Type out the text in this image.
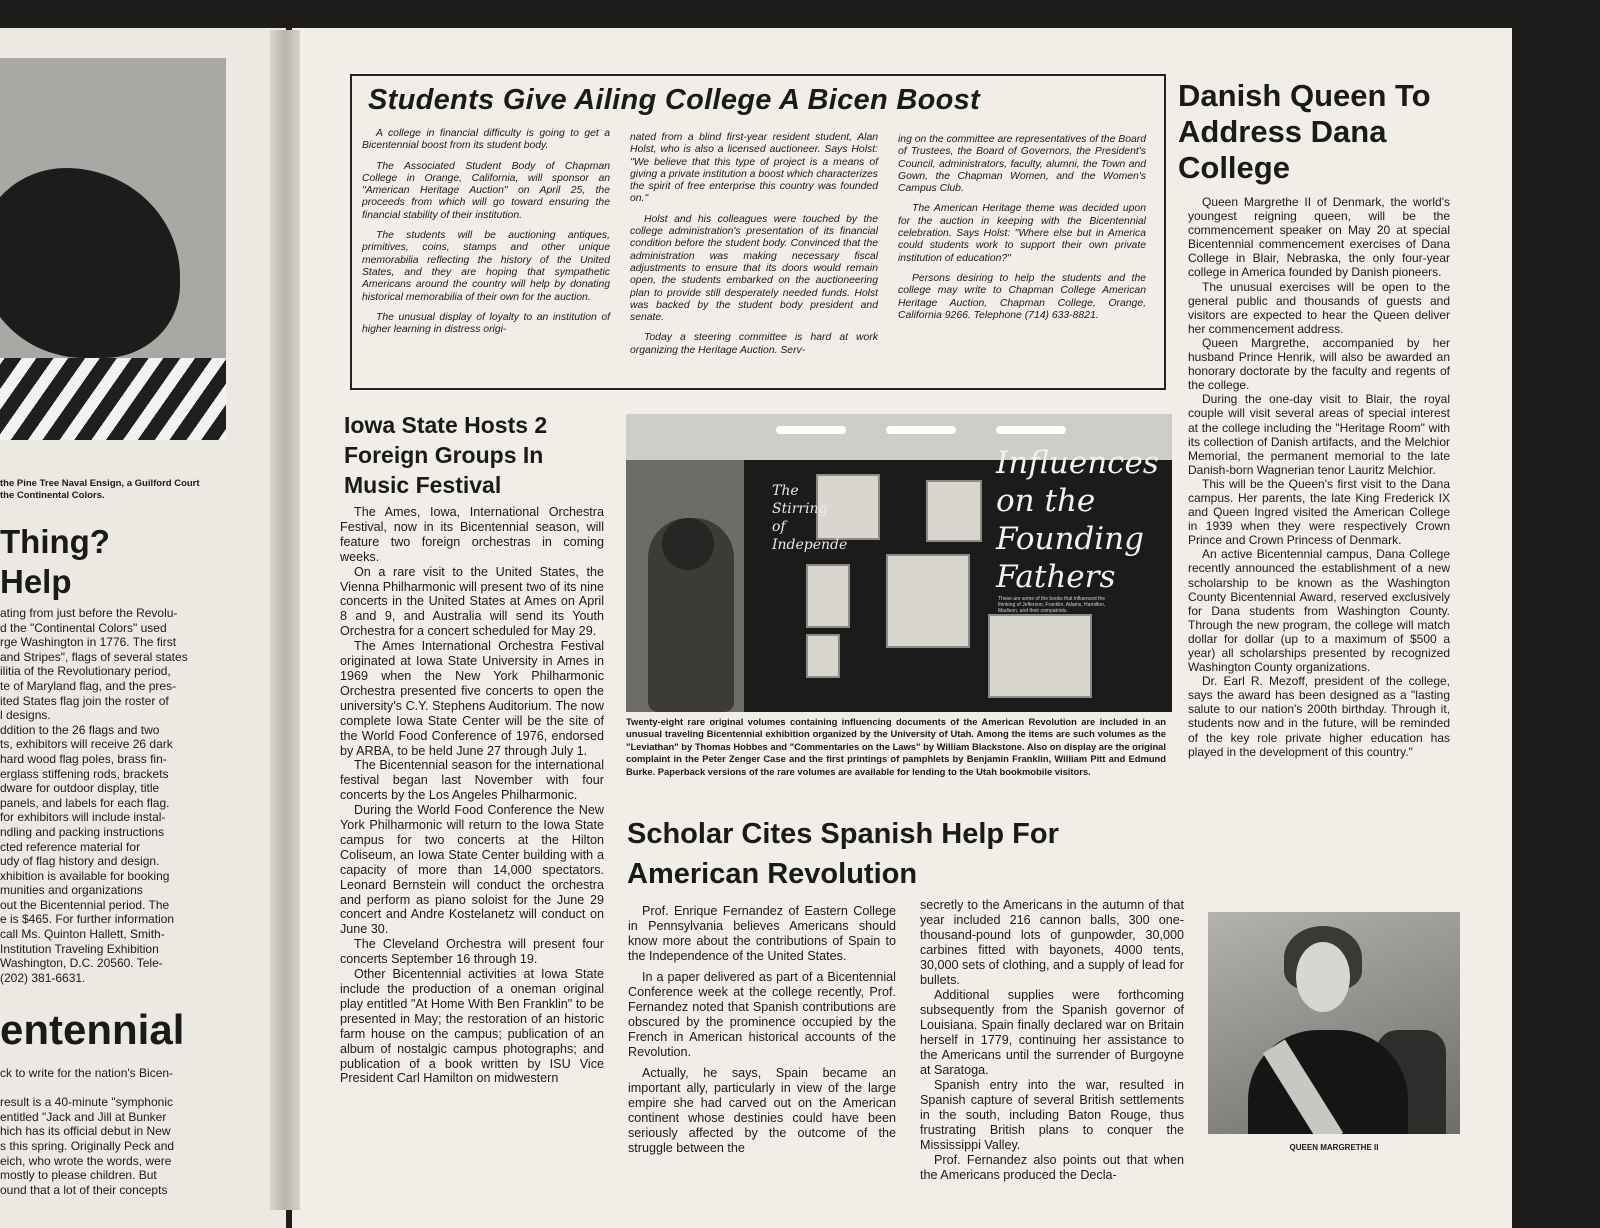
the Pine Tree Naval Ensign, a Guilford Court
the Continental Colors.
Thing?
Help
ating from just before the Revolu-
d the "Continental Colors" used
rge Washington in 1776. The first
and Stripes", flags of several states
ilitia of the Revolutionary period,
te of Maryland flag, and the pres-
ited States flag join the roster of
l designs.
ddition to the 26 flags and two
ts, exhibitors will receive 26 dark
hard wood flag poles, brass fin-
erglass stiffening rods, brackets
dware for outdoor display, title
panels, and labels for each flag.
for exhibitors will include instal-
ndling and packing instructions
cted reference material for
udy of flag history and design.
xhibition is available for booking
munities and organizations
out the Bicentennial period. The
e is $465. For further information
call Ms. Quinton Hallett, Smith-
Institution Traveling Exhibition
Washington, D.C. 20560. Tele-
(202) 381-6631.
entennial
ck to write for the nation's Bicen-

result is a 40-minute "symphonic
entitled "Jack and Jill at Bunker
hich has its official debut in New
s this spring. Originally Peck and
eich, who wrote the words, were
mostly to please children. But
ound that a lot of their concepts
Students Give Ailing College A Bicen Boost

A college in financial difficulty is going to get a Bicentennial boost from its student body.

The Associated Student Body of Chapman College in Orange, California, will sponsor an "American Heritage Auction" on April 25, the proceeds from which will go toward ensuring the financial stability of their institution.

The students will be auctioning antiques, primitives, coins, stamps and other unique memorabilia reflecting the history of the United States, and they are hoping that sympathetic Americans around the country will help by donating historical memorabilia of their own for the auction.

The unusual display of loyalty to an institution of higher learning in distress origi-

nated from a blind first-year resident student, Alan Holst, who is also a licensed auctioneer. Says Holst: "We believe that this type of project is a means of giving a private institution a boost which characterizes the spirit of free enterprise this country was founded on."

Holst and his colleagues were touched by the college administration's presentation of its financial condition before the student body. Convinced that the administration was making necessary fiscal adjustments to ensure that its doors would remain open, the students embarked on the auctioneering plan to provide still desperately needed funds. Holst was backed by the student body president and senate.

Today a steering committee is hard at work organizing the Heritage Auction. Serv-

ing on the committee are representatives of the Board of Trustees, the Board of Governors, the President's Council, administrators, faculty, alumni, the Town and Gown, the Chapman Women, and the Women's Campus Club.

The American Heritage theme was decided upon for the auction in keeping with the Bicentennial celebration. Says Holst: "Where else but in America could students work to support their own private institution of education?"

Persons desiring to help the students and the college may write to Chapman College American Heritage Auction, Chapman College, Orange, California 9266. Telephone (714) 633-8821.

Danish Queen To Address Dana College

Queen Margrethe II of Denmark, the world's youngest reigning queen, will be the commencement speaker on May 20 at special Bicentennial commencement exercises of Dana College in Blair, Nebraska, the only four-year college in America founded by Danish pioneers.

The unusual exercises will be open to the general public and thousands of guests and visitors are expected to hear the Queen deliver her commencement address.

Queen Margrethe, accompanied by her husband Prince Henrik, will also be awarded an honorary doctorate by the faculty and regents of the college.

During the one-day visit to Blair, the royal couple will visit several areas of special interest at the college including the "Heritage Room" with its collection of Danish artifacts, and the Melchior Memorial, the permanent memorial to the late Danish-born Wagnerian tenor Lauritz Melchior.

This will be the Queen's first visit to the Dana campus. Her parents, the late King Frederick IX and Queen Ingred visited the American College in 1939 when they were respectively Crown Prince and Crown Princess of Denmark.

An active Bicentennial campus, Dana College recently announced the establishment of a new scholarship to be known as the Washington County Bicentennial Award, reserved exclusively for Dana students from Washington County. Through the new program, the college will match dollar for dollar (up to a maximum of $500 a year) all scholarships presented by recognized Washington County organizations.

Dr. Earl R. Mezoff, president of the college, says the award has been designed as a "lasting salute to our nation's 200th birthday. Through it, students now and in the future, will be reminded of the key role private higher education has played in the development of this country."

Iowa State Hosts 2 Foreign Groups In Music Festival

The Ames, Iowa, International Orchestra Festival, now in its Bicentennial season, will feature two foreign orchestras in coming weeks.

On a rare visit to the United States, the Vienna Philharmonic will present two of its nine concerts in the United States at Ames on April 8 and 9, and Australia will send its Youth Orchestra for a concert scheduled for May 29.

The Ames International Orchestra Festival originated at Iowa State University in Ames in 1969 when the New York Philharmonic Orchestra presented five concerts to open the university's C.Y. Stephens Auditorium. The now complete Iowa State Center will be the site of the World Food Conference of 1976, endorsed by ARBA, to be held June 27 through July 1.

The Bicentennial season for the international festival began last November with four concerts by the Los Angeles Philharmonic.

During the World Food Conference the New York Philharmonic will return to the Iowa State campus for two concerts at the Hilton Coliseum, an Iowa State Center building with a capacity of more than 14,000 spectators. Leonard Bernstein will conduct the orchestra and perform as piano soloist for the June 29 concert and Andre Kostelanetz will conduct on June 30.

The Cleveland Orchestra will present four concerts September 16 through 19.

Other Bicentennial activities at Iowa State include the production of a oneman original play entitled "At Home With Ben Franklin" to be presented in May; the restoration of an historic farm house on the campus; publication of an album of nostalgic campus photographs; and publication of a book written by ISU Vice President Carl Hamilton on midwestern

Influences on the Founding Fathers
The Stirring of Independe
These are some of the books that influenced the thinking of Jefferson, Franklin, Adams, Hamilton, Madison, and their compatriots.
Twenty-eight rare original volumes containing influencing documents of the American Revolution are included in an unusual traveling Bicentennial exhibition organized by the University of Utah. Among the items are such volumes as the "Leviathan" by Thomas Hobbes and "Commentaries on the Laws" by William Blackstone. Also on display are the original complaint in the Peter Zenger Case and the first printings of pamphlets by Benjamin Franklin, William Pitt and Edmund Burke. Paperback versions of the rare volumes are available for lending to the Utah bookmobile visitors.
Scholar Cites Spanish Help For American Revolution

Prof. Enrique Fernandez of Eastern College in Pennsylvania believes Americans should know more about the contributions of Spain to the Independence of the United States.

In a paper delivered as part of a Bicentennial Conference week at the college recently, Prof. Fernandez noted that Spanish contributions are obscured by the prominence occupied by the French in American historical accounts of the Revolution.

Actually, he says, Spain became an important ally, particularly in view of the large empire she had carved out on the American continent whose destinies could have been seriously affected by the outcome of the struggle between the

secretly to the Americans in the autumn of that year included 216 cannon balls, 300 one-thousand-pound lots of gunpowder, 30,000 carbines fitted with bayonets, 4000 tents, 30,000 sets of clothing, and a supply of lead for bullets.

Additional supplies were forthcoming subsequently from the Spanish governor of Louisiana. Spain finally declared war on Britain herself in 1779, continuing her assistance to the Americans until the surrender of Burgoyne at Saratoga.

Spanish entry into the war, resulted in Spanish capture of several British settlements in the south, including Baton Rouge, thus frustrating British plans to conquer the Mississippi Valley.

Prof. Fernandez also points out that when the Americans produced the Decla-

QUEEN MARGRETHE II
